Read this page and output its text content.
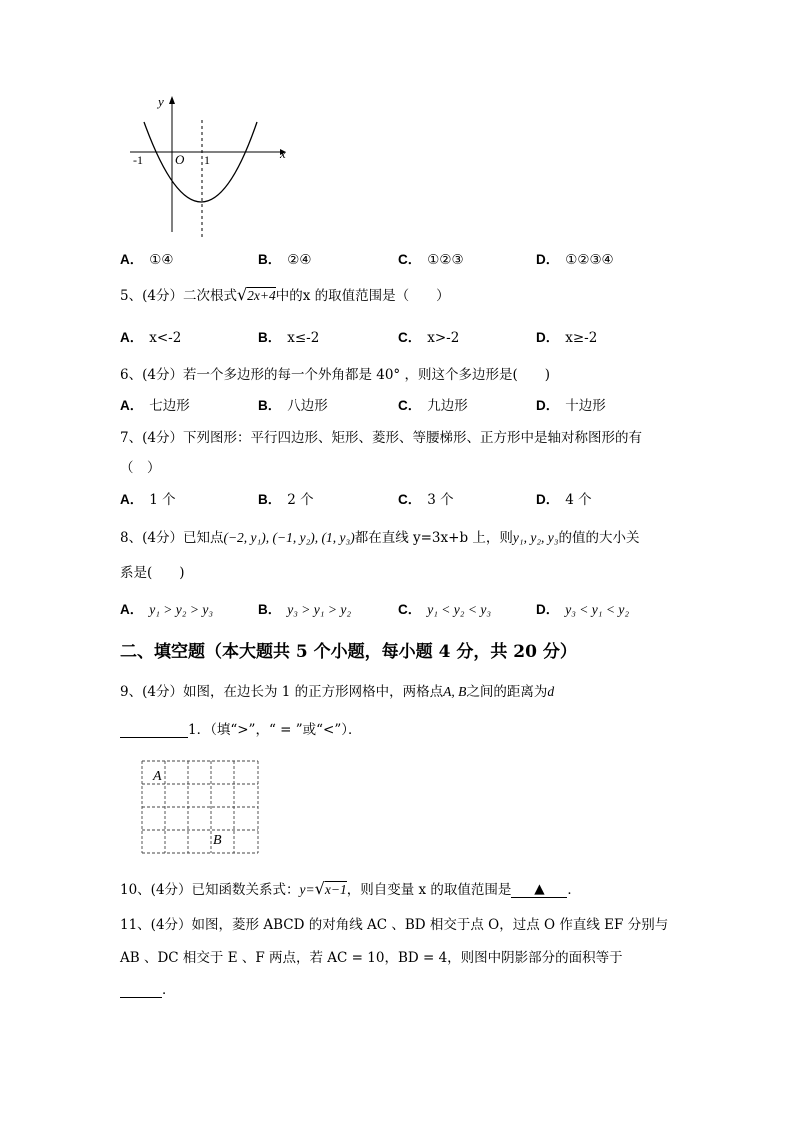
y
x
O
-1	1
A． ①④	B． ②④	C． ①②③	D． ①②③④
5、(4分）二次根式√2x+4中的x 的取值范围是（　　）
A． x<-2	B． x≤-2	C． x>-2	D． x≥-2
6、(4分）若一个多边形的每一个外角都是 40° ，则这个多边形是(　　)
A． 七边形	B． 八边形	C． 九边形	D． 十边形
7、(4分）下列图形：平行四边形、矩形、菱形、等腰梯形、正方形中是轴对称图形的有
（　）
A． 1 个	B． 2 个	C． 3 个	D． 4 个
8、(4分）已知点(−2, y₁), (−1, y₂), (1, y₃)都在直线 y=3x+b 上，则y₁, y₂, y₃的值的大小关
系是(　　)
A． y₁ > y₂ > y₃	B． y₃ > y₁ > y₂	C． y₁ < y₂ < y₃	D． y₃ < y₁ < y₂
二、填空题（本大题共 5 个小题，每小题 4 分，共 20 分）
9、(4分）如图，在边长为 1 的正方形网格中，两格点A, B之间的距离为d
1．（填“>”，“ = ”或“<”）．
A
B
10、(4分）已知函数关系式：y=√x−1，则自变量 x 的取值范围是 ▲ ．
11、(4分）如图，菱形 ABCD 的对角线 AC 、BD 相交于点 O，过点 O 作直线 EF 分别与
AB 、DC 相交于 E 、F 两点，若 AC = 10，BD = 4，则图中阴影部分的面积等于
．
